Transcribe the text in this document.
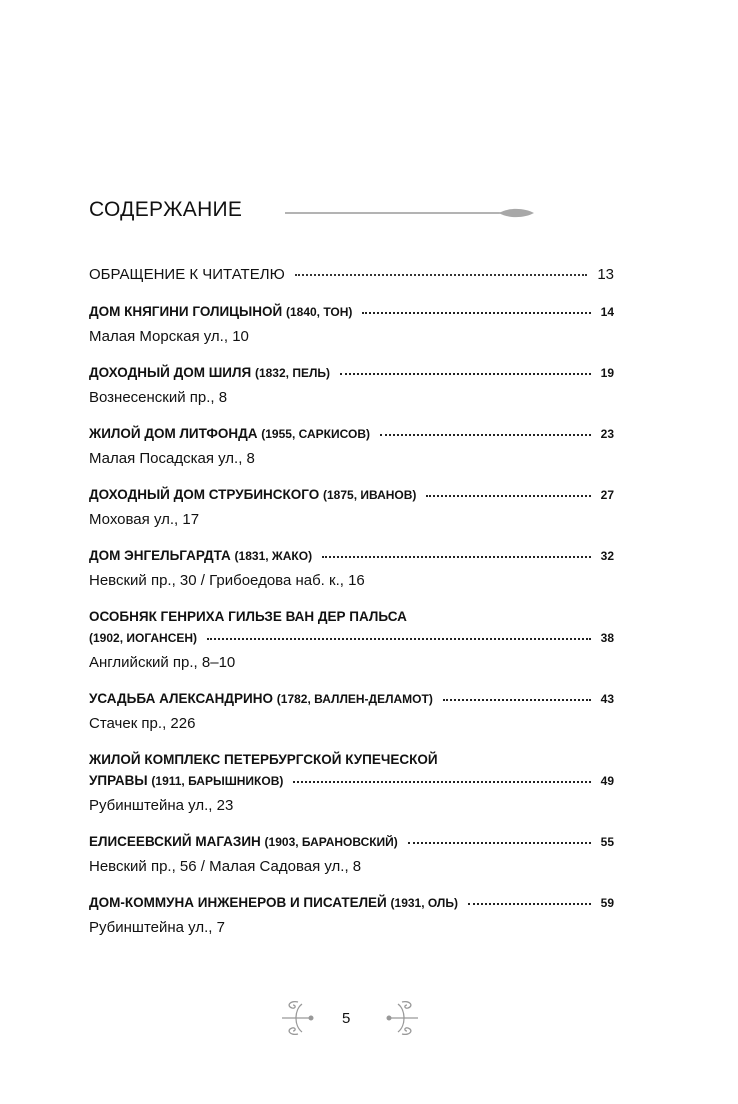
СОДЕРЖАНИЕ
ОБРАЩЕНИЕ К ЧИТАТЕЛЮ	13
ДОМ КНЯГИНИ ГОЛИЦЫНОЙ (1840, ТОН)	14
Малая Морская ул., 10
ДОХОДНЫЙ ДОМ ШИЛЯ (1832, ПЕЛЬ)	19
Вознесенский пр., 8
ЖИЛОЙ ДОМ ЛИТФОНДА (1955, САРКИСОВ)	23
Малая Посадская ул., 8
ДОХОДНЫЙ ДОМ СТРУБИНСКОГО (1875, ИВАНОВ)	27
Моховая ул., 17
ДОМ ЭНГЕЛЬГАРДТА (1831, ЖАКО)	32
Невский пр., 30 / Грибоедова наб. к., 16
ОСОБНЯК ГЕНРИХА ГИЛЬЗЕ ВАН ДЕР ПАЛЬСА
(1902, ИОГАНСЕН)	38
Английский пр., 8–10
УСАДЬБА АЛЕКСАНДРИНО (1782, ВАЛЛЕН-ДЕЛАМОТ)	43
Стачек пр., 226
ЖИЛОЙ КОМПЛЕКС ПЕТЕРБУРГСКОЙ КУПЕЧЕСКОЙ
УПРАВЫ (1911, БАРЫШНИКОВ)	49
Рубинштейна ул., 23
ЕЛИСЕЕВСКИЙ МАГАЗИН (1903, БАРАНОВСКИЙ)	55
Невский пр., 56 / Малая Садовая ул., 8
ДОМ-КОММУНА ИНЖЕНЕРОВ И ПИСАТЕЛЕЙ (1931, ОЛЬ)	59
Рубинштейна ул., 7
5
